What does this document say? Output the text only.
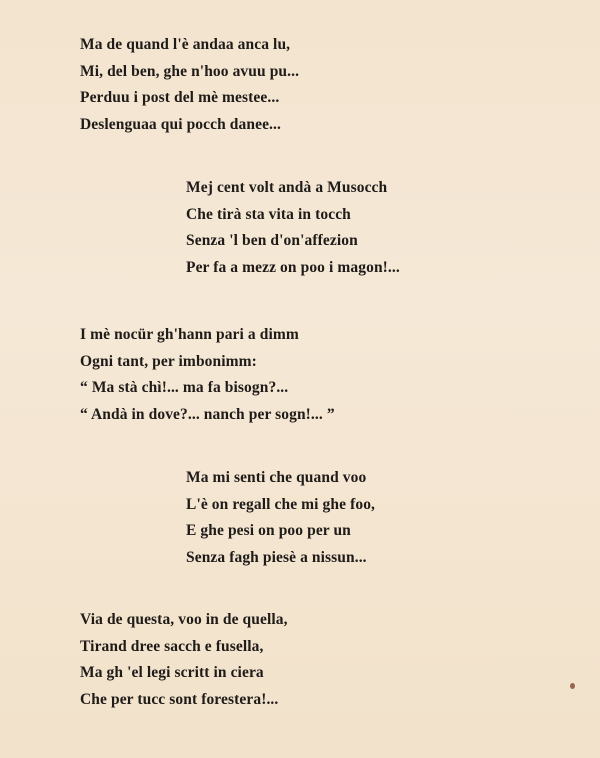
Ma de quand l'è andaa anca lu,
Mi, del ben, ghe n'hoo avuu pu...
Perduu i post del mè mestee...
Deslenguaa qui pocch danee...
Mej cent volt andà a Musocch
Che tirà sta vita in tocch
Senza 'l ben d'on'affezion
Per fa a mezz on poo i magon!...
I mè nocür gh'hann pari a dimm
Ogni tant, per imbonimm:
“ Ma stà chì!... ma fa bisogn?...
“ Andà in dove?... nanch per sogn!... ”
Ma mi senti che quand voo
L'è on regall che mi ghe foo,
E ghe pesi on poo per un
Senza fagh piesè a nissun...
Via de questa, voo in de quella,
Tirand dree sacch e fusella,
Ma gh 'el legi scritt in ciera
Che per tucc sont forestera!...
